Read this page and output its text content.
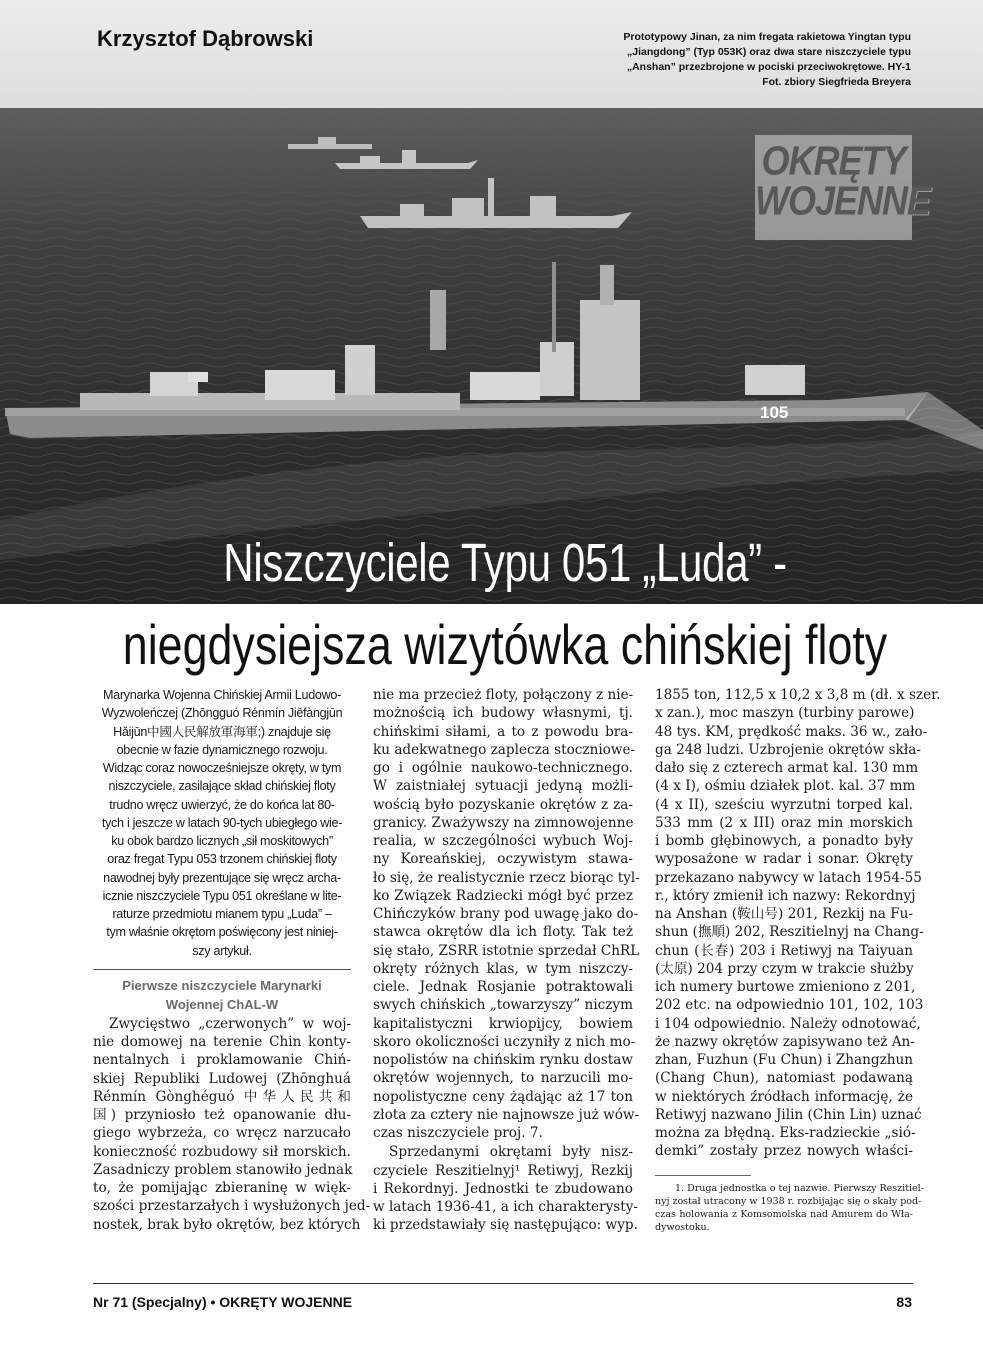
105
Krzysztof Dąbrowski	Prototypowy Jinan, za nim fregata rakietowa Yingtan typu
„Jiangdong” (Typ 053K) oraz dwa stare niszczyciele typu
„Anshan” przezbrojone w pociski przeciwokrętowe. HY-1
Fot. zbiory Siegfrieda Breyera
OKRĘTY
WOJENNE
Niszczyciele Typu 051 „Luda” -
niegdysiejsza wizytówka chińskiej floty
Marynarka Wojenna Chińskiej Armii Ludowo-
Wyzwoleńczej (Zhōngguó Rénmín Jiěfàngjūn
Hǎijūn中國人民解放軍海軍;) znajduje się
obecnie w fazie dynamicznego rozwoju.
Widząc coraz nowocześniejsze okręty, w tym
niszczyciele, zasilające skład chińskiej floty
trudno wręcz uwierzyć, że do końca lat 80-
tych i jeszcze w latach 90-tych ubiegłego wie-
ku obok bardzo licznych „sił moskitowych”
oraz fregat Typu 053 trzonem chińskiej floty
nawodnej były prezentujące się wręcz archa-
icznie niszczyciele Typu 051 określane w lite-
raturze przedmiotu mianem typu „Luda” –
tym właśnie okrętom poświęcony jest niniej-
szy artykuł.
Pierwsze niszczyciele Marynarki
Wojennej ChAL-W
Zwycięstwo „czerwonych” w woj-
nie domowej na terenie Chin konty-
nentalnych i proklamowanie Chiń-
skiej Republiki Ludowej (Zhōnghuá
Rénmín Gònghéguó 中华人民共和
国) przyniosło też opanowanie dłu-
giego wybrzeża, co wręcz narzucało
konieczność rozbudowy sił morskich.
Zasadniczy problem stanowiło jednak
to, że pomijając zbieraninę w więk-
szości przestarzałych i wysłużonych jed-
nostek, brak było okrętów, bez których
nie ma przecież floty, połączony z nie-
możnością ich budowy własnymi, tj.
chińskimi siłami, a to z powodu bra-
ku adekwatnego zaplecza stoczniowe-
go i ogólnie naukowo-technicznego.
W zaistniałej sytuacji jedyną możli-
wością było pozyskanie okrętów z za-
granicy. Zważywszy na zimnowojenne
realia, w szczególności wybuch Woj-
ny Koreańskiej, oczywistym stawa-
ło się, że realistycznie rzecz biorąc tyl-
ko Związek Radziecki mógł być przez
Chińczyków brany pod uwagę jako do-
stawca okrętów dla ich floty. Tak też
się stało, ZSRR istotnie sprzedał ChRL
okręty różnych klas, w tym niszczy-
ciele. Jednak Rosjanie potraktowali
swych chińskich „towarzyszy” niczym
kapitalistyczni krwiopijcy, bowiem
skoro okoliczności uczyniły z nich mo-
nopolistów na chińskim rynku dostaw
okrętów wojennych, to narzucili mo-
nopolistyczne ceny żądając aż 17 ton
złota za cztery nie najnowsze już wów-
czas niszczyciele proj. 7.
Sprzedanymi okrętami były nisz-
czyciele Reszitielnyj¹ Retiwyj, Rezkij
i Rekordnyj. Jednostki te zbudowano
w latach 1936-41, a ich charakterysty-
ki przedstawiały się następująco: wyp.
1855 ton, 112,5 x 10,2 x 3,8 m (dł. x szer.
x zan.), moc maszyn (turbiny parowe)
48 tys. KM, prędkość maks. 36 w., zało-
ga 248 ludzi. Uzbrojenie okrętów skła-
dało się z czterech armat kal. 130 mm
(4 x I), ośmiu działek plot. kal. 37 mm
(4 x II), sześciu wyrzutni torped kal.
533 mm (2 x III) oraz min morskich
i bomb głębinowych, a ponadto były
wyposażone w radar i sonar. Okręty
przekazano nabywcy w latach 1954-55
r., który zmienił ich nazwy: Rekordnyj
na Anshan (鞍山号) 201, Rezkij na Fu-
shun (撫順) 202, Reszitielnyj na Chang-
chun (长春) 203 i Retiwyj na Taiyuan
(太原) 204 przy czym w trakcie służby
ich numery burtowe zmieniono z 201,
202 etc. na odpowiednio 101, 102, 103
i 104 odpowiednio. Należy odnotować,
że nazwy okrętów zapisywano też An-
zhan, Fuzhun (Fu Chun) i Zhangzhun
(Chang Chun), natomiast podawaną
w niektórych źródłach informację, że
Retiwyj nazwano Jilin (Chin Lin) uznać
można za błędną. Eks-radzieckie „sió-
demki” zostały przez nowych właści-
1. Druga jednostka o tej nazwie. Pierwszy Reszitiel-
nyj został utracony w 1938 r. rozbijając się o skały pod-
czas holowania z Komsomolska nad Amurem do Wła-
dywostoku.
Nr 71 (Specjalny) • OKRĘTY WOJENNE	83
